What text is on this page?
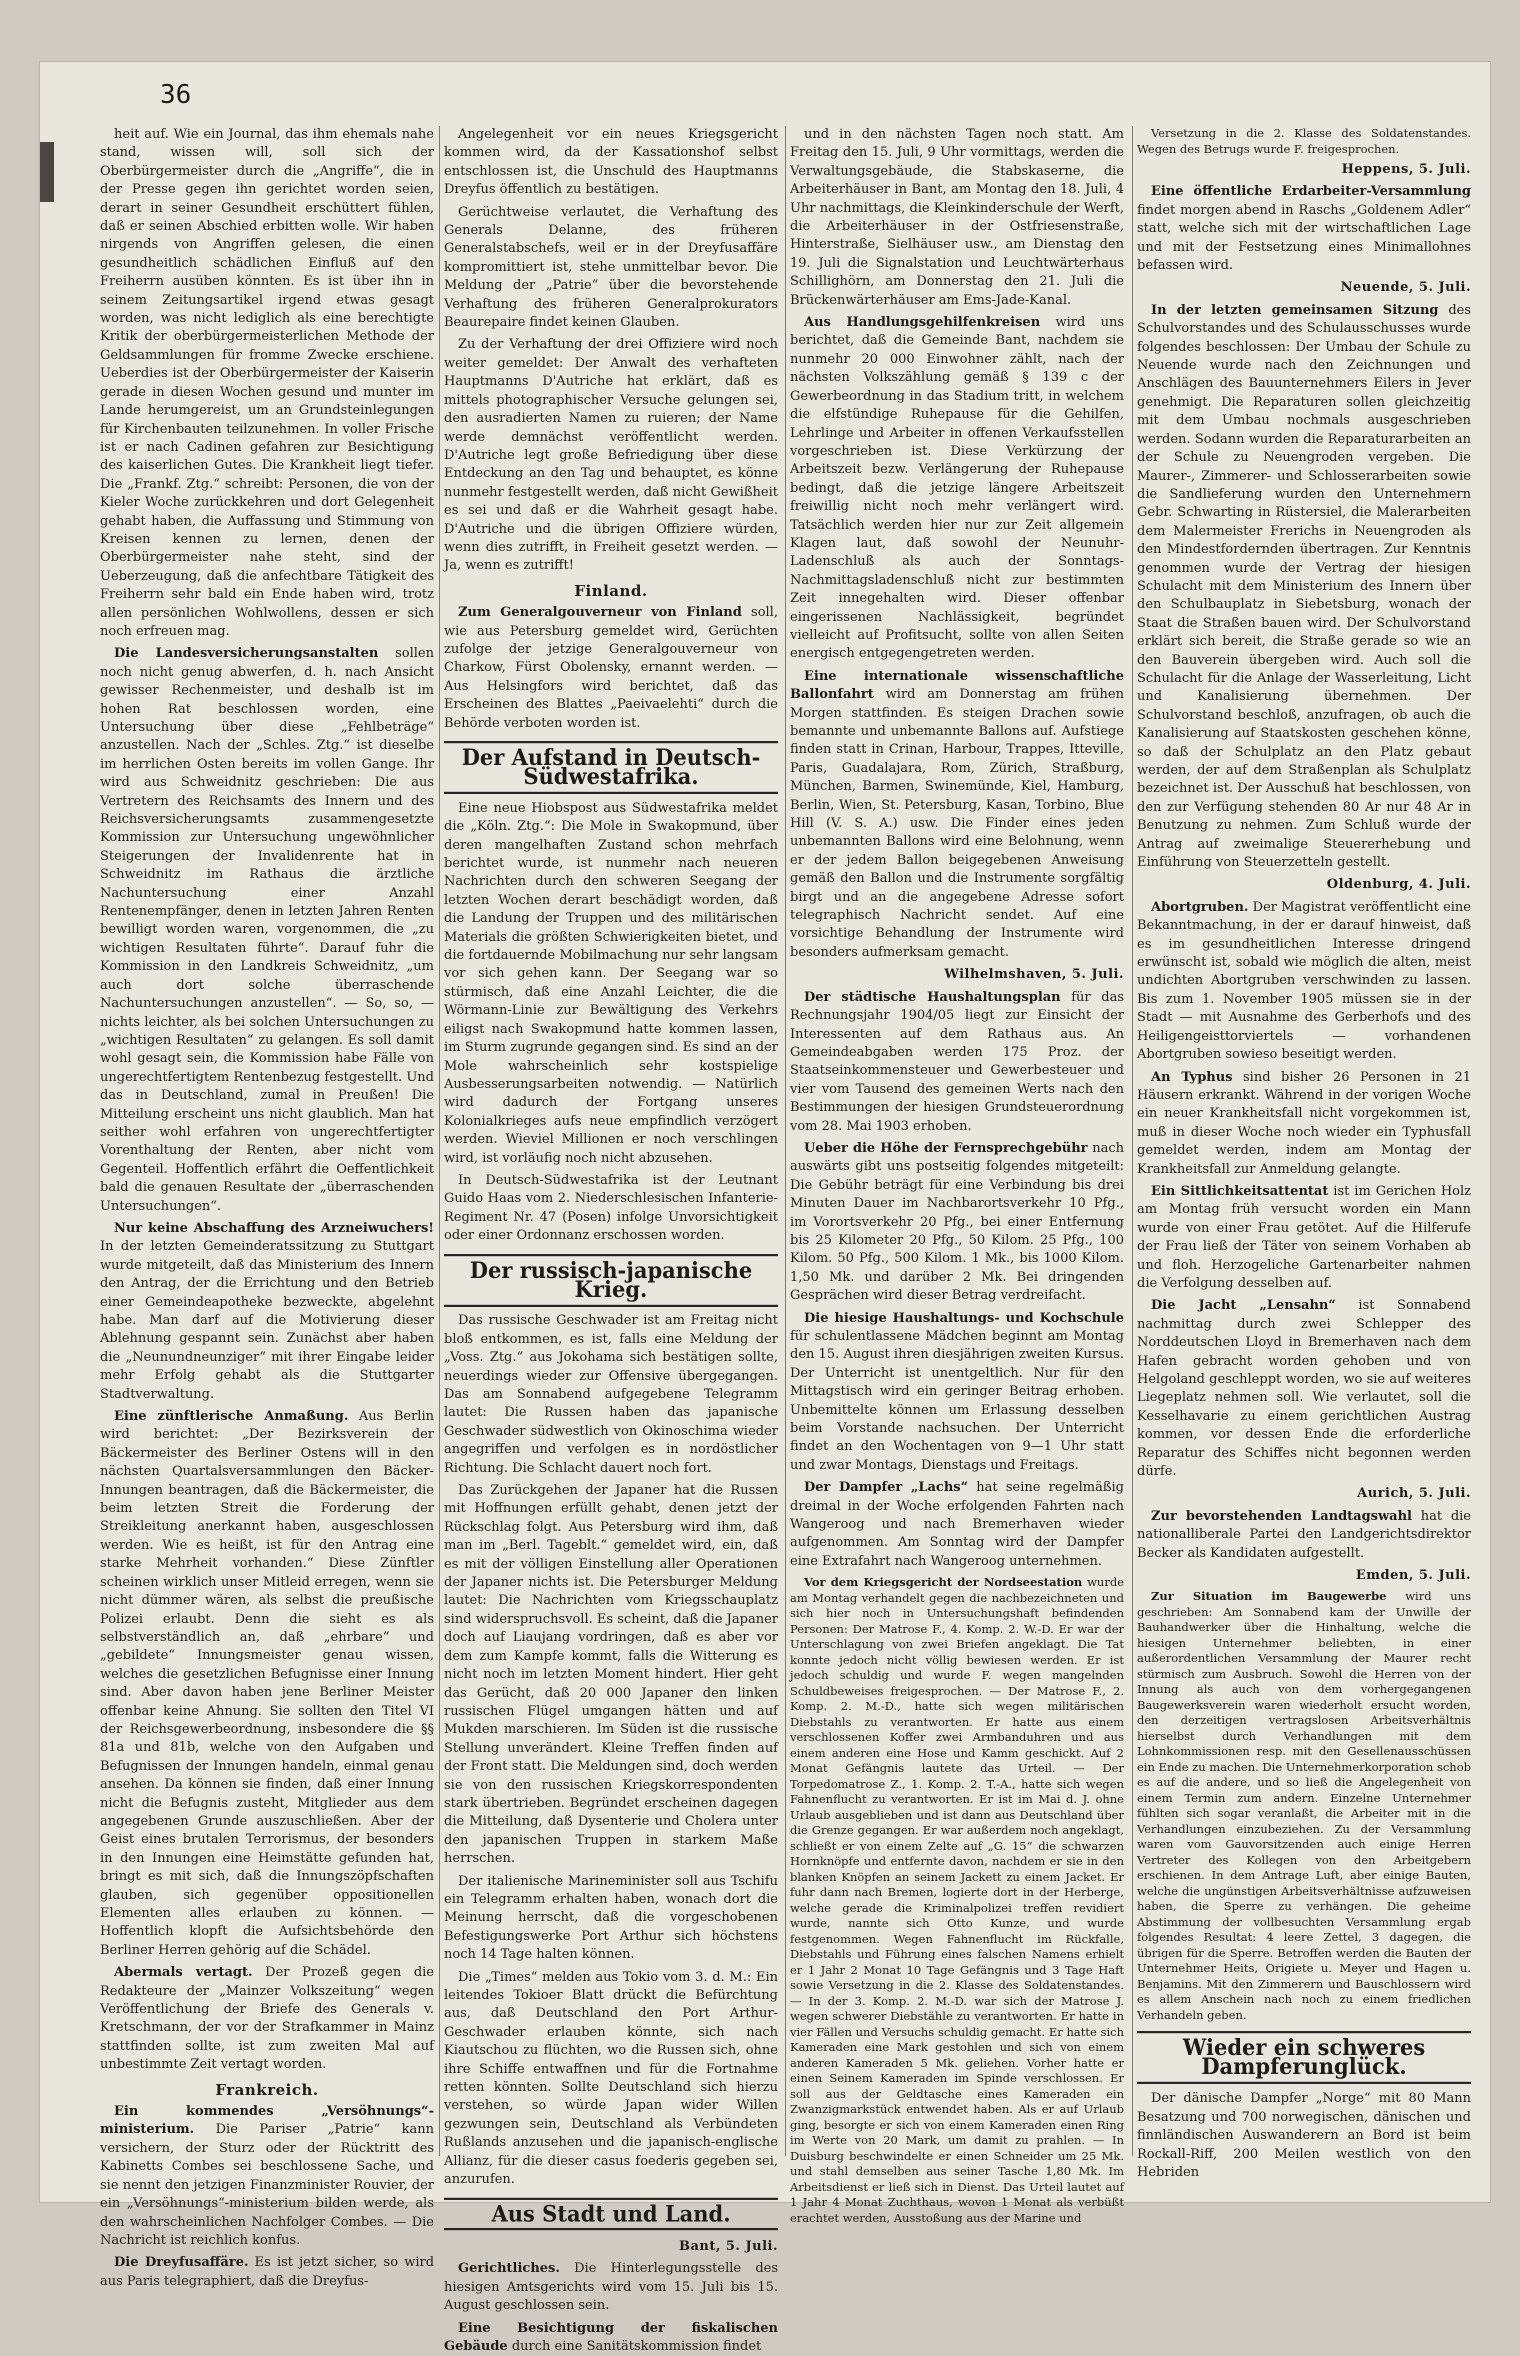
36

heit auf. Wie ein Journal, das ihm ehemals nahe stand, wissen will, soll sich der Oberbürgermeister durch die „Angriffe“, die in der Presse gegen ihn gerichtet worden seien, derart in seiner Gesundheit erschüttert fühlen, daß er seinen Abschied erbitten wolle. Wir haben nirgends von Angriffen gelesen, die einen gesundheitlich schädlichen Einfluß auf den Freiherrn ausüben könnten. Es ist über ihn in seinem Zeitungsartikel irgend etwas gesagt worden, was nicht lediglich als eine berechtigte Kritik der oberbürgermeisterlichen Methode der Geldsammlungen für fromme Zwecke erschiene. Ueberdies ist der Oberbürgermeister der Kaiserin gerade in diesen Wochen gesund und munter im Lande herumgereist, um an Grundsteinlegungen für Kirchenbauten teilzunehmen. In voller Frische ist er nach Cadinen gefahren zur Besichtigung des kaiserlichen Gutes. Die Krankheit liegt tiefer. Die „Frankf. Ztg.“ schreibt: Personen, die von der Kieler Woche zurückkehren und dort Gelegenheit gehabt haben, die Auffassung und Stimmung von Kreisen kennen zu lernen, denen der Oberbürgermeister nahe steht, sind der Ueberzeugung, daß die anfechtbare Tätigkeit des Freiherrn sehr bald ein Ende haben wird, trotz allen persönlichen Wohlwollens, dessen er sich noch erfreuen mag.

Die Landesversicherungsanstalten sollen noch nicht genug abwerfen, d. h. nach Ansicht gewisser Rechenmeister, und deshalb ist im hohen Rat beschlossen worden, eine Untersuchung über diese „Fehlbeträge“ anzustellen. Nach der „Schles. Ztg.“ ist dieselbe im herrlichen Osten bereits im vollen Gange. Ihr wird aus Schweidnitz geschrieben: Die aus Vertretern des Reichsamts des Innern und des Reichsversicherungsamts zusammengesetzte Kommission zur Untersuchung ungewöhnlicher Steigerungen der Invalidenrente hat in Schweidnitz im Rathaus die ärztliche Nachuntersuchung einer Anzahl Rentenempfänger, denen in letzten Jahren Renten bewilligt worden waren, vorgenommen, die „zu wichtigen Resultaten führte“. Darauf fuhr die Kommission in den Landkreis Schweidnitz, „um auch dort solche überraschende Nachuntersuchungen anzustellen“. — So, so, — nichts leichter, als bei solchen Untersuchungen zu „wichtigen Resultaten“ zu gelangen. Es soll damit wohl gesagt sein, die Kommission habe Fälle von ungerechtfertigtem Rentenbezug festgestellt. Und das in Deutschland, zumal in Preußen! Die Mitteilung erscheint uns nicht glaublich. Man hat seither wohl erfahren von ungerechtfertigter Vorenthaltung der Renten, aber nicht vom Gegenteil. Hoffentlich erfährt die Oeffentlichkeit bald die genauen Resultate der „überraschenden Untersuchungen“.

Nur keine Abschaffung des Arzneiwuchers! In der letzten Gemeinderatssitzung zu Stuttgart wurde mitgeteilt, daß das Ministerium des Innern den Antrag, der die Errichtung und den Betrieb einer Gemeindeapotheke bezweckte, abgelehnt habe. Man darf auf die Motivierung dieser Ablehnung gespannt sein. Zunächst aber haben die „Neunundneunziger“ mit ihrer Eingabe leider mehr Erfolg gehabt als die Stuttgarter Stadtverwaltung.

Eine zünftlerische Anmaßung. Aus Berlin wird berichtet: „Der Bezirksverein der Bäckermeister des Berliner Ostens will in den nächsten Quartalsversammlungen den Bäcker-Innungen beantragen, daß die Bäckermeister, die beim letzten Streit die Forderung der Streikleitung anerkannt haben, ausgeschlossen werden. Wie es heißt, ist für den Antrag eine starke Mehrheit vorhanden.“ Diese Zünftler scheinen wirklich unser Mitleid erregen, wenn sie nicht dümmer wären, als selbst die preußische Polizei erlaubt. Denn die sieht es als selbstverständlich an, daß „ehrbare“ und „gebildete“ Innungsmeister genau wissen, welches die gesetzlichen Befugnisse einer Innung sind. Aber davon haben jene Berliner Meister offenbar keine Ahnung. Sie sollten den Titel VI der Reichsgewerbeordnung, insbesondere die §§ 81a und 81b, welche von den Aufgaben und Befugnissen der Innungen handeln, einmal genau ansehen. Da können sie finden, daß einer Innung nicht die Befugnis zusteht, Mitglieder aus dem angegebenen Grunde auszuschließen. Aber der Geist eines brutalen Terrorismus, der besonders in den Innungen eine Heimstätte gefunden hat, bringt es mit sich, daß die Innungszöpfschaften glauben, sich gegenüber oppositionellen Elementen alles erlauben zu können. — Hoffentlich klopft die Aufsichtsbehörde den Berliner Herren gehörig auf die Schädel.

Abermals vertagt. Der Prozeß gegen die Redakteure der „Mainzer Volkszeitung“ wegen Veröffentlichung der Briefe des Generals v. Kretschmann, der vor der Strafkammer in Mainz stattfinden sollte, ist zum zweiten Mal auf unbestimmte Zeit vertagt worden.

Frankreich.

Ein kommendes „Versöhnungs“-ministerium. Die Pariser „Patrie“ kann versichern, der Sturz oder der Rücktritt des Kabinetts Combes sei beschlossene Sache, und sie nennt den jetzigen Finanzminister Rouvier, der ein „Versöhnungs“-ministerium bilden werde, als den wahrscheinlichen Nachfolger Combes. — Die Nachricht ist reichlich konfus.

Die Dreyfusaffäre. Es ist jetzt sicher, so wird aus Paris telegraphiert, daß die Dreyfus-

Angelegenheit vor ein neues Kriegsgericht kommen wird, da der Kassationshof selbst entschlossen ist, die Unschuld des Hauptmanns Dreyfus öffentlich zu bestätigen.

Gerüchtweise verlautet, die Verhaftung des Generals Delanne, des früheren Generalstabschefs, weil er in der Dreyfusaffäre kompromittiert ist, stehe unmittelbar bevor. Die Meldung der „Patrie“ über die bevorstehende Verhaftung des früheren Generalprokurators Beaurepaire findet keinen Glauben.

Zu der Verhaftung der drei Offiziere wird noch weiter gemeldet: Der Anwalt des verhafteten Hauptmanns D'Autriche hat erklärt, daß es mittels photographischer Versuche gelungen sei, den ausradierten Namen zu ruieren; der Name werde demnächst veröffentlicht werden. D'Autriche legt große Befriedigung über diese Entdeckung an den Tag und behauptet, es könne nunmehr festgestellt werden, daß nicht Gewißheit es sei und daß er die Wahrheit gesagt habe. D'Autriche und die übrigen Offiziere würden, wenn dies zutrifft, in Freiheit gesetzt werden. — Ja, wenn es zutrifft!

Finland.

Zum Generalgouverneur von Finland soll, wie aus Petersburg gemeldet wird, Gerüchten zufolge der jetzige Generalgouverneur von Charkow, Fürst Obolensky, ernannt werden. — Aus Helsingfors wird berichtet, daß das Erscheinen des Blattes „Paeivaelehti“ durch die Behörde verboten worden ist.

Der Aufstand in Deutsch-Südwestafrika.

Eine neue Hiobspost aus Südwestafrika meldet die „Köln. Ztg.“: Die Mole in Swakopmund, über deren mangelhaften Zustand schon mehrfach berichtet wurde, ist nunmehr nach neueren Nachrichten durch den schweren Seegang der letzten Wochen derart beschädigt worden, daß die Landung der Truppen und des militärischen Materials die größten Schwierigkeiten bietet, und die fortdauernde Mobilmachung nur sehr langsam vor sich gehen kann. Der Seegang war so stürmisch, daß eine Anzahl Leichter, die die Wörmann-Linie zur Bewältigung des Verkehrs eiligst nach Swakopmund hatte kommen lassen, im Sturm zugrunde gegangen sind. Es sind an der Mole wahrscheinlich sehr kostspielige Ausbesserungsarbeiten notwendig. — Natürlich wird dadurch der Fortgang unseres Kolonialkrieges aufs neue empfindlich verzögert werden. Wieviel Millionen er noch verschlingen wird, ist vorläufig noch nicht abzusehen.

In Deutsch-Südwestafrika ist der Leutnant Guido Haas vom 2. Niederschlesischen Infanterie-Regiment Nr. 47 (Posen) infolge Unvorsichtigkeit oder einer Ordonnanz erschossen worden.

Der russisch-japanische Krieg.

Das russische Geschwader ist am Freitag nicht bloß entkommen, es ist, falls eine Meldung der „Voss. Ztg.“ aus Jokohama sich bestätigen sollte, neuerdings wieder zur Offensive übergegangen. Das am Sonnabend aufgegebene Telegramm lautet: Die Russen haben das japanische Geschwader südwestlich von Okinoschima wieder angegriffen und verfolgen es in nordöstlicher Richtung. Die Schlacht dauert noch fort.

Das Zurückgehen der Japaner hat die Russen mit Hoffnungen erfüllt gehabt, denen jetzt der Rückschlag folgt. Aus Petersburg wird ihm, daß man im „Berl. Tageblt.“ gemeldet wird, ein, daß es mit der völligen Einstellung aller Operationen der Japaner nichts ist. Die Petersburger Meldung lautet: Die Nachrichten vom Kriegsschauplatz sind widerspruchsvoll. Es scheint, daß die Japaner doch auf Liaujang vordringen, daß es aber vor dem zum Kampfe kommt, falls die Witterung es nicht noch im letzten Moment hindert. Hier geht das Gerücht, daß 20 000 Japaner den linken russischen Flügel umgangen hätten und auf Mukden marschieren. Im Süden ist die russische Stellung unverändert. Kleine Treffen finden auf der Front statt. Die Meldungen sind, doch werden sie von den russischen Kriegskorrespondenten stark übertrieben. Begründet erscheinen dagegen die Mitteilung, daß Dysenterie und Cholera unter den japanischen Truppen in starkem Maße herrschen.

Der italienische Marineminister soll aus Tschifu ein Telegramm erhalten haben, wonach dort die Meinung herrscht, daß die vorgeschobenen Befestigungswerke Port Arthur sich höchstens noch 14 Tage halten können.

Die „Times“ melden aus Tokio vom 3. d. M.: Ein leitendes Tokioer Blatt drückt die Befürchtung aus, daß Deutschland den Port Arthur-Geschwader erlauben könnte, sich nach Kiautschou zu flüchten, wo die Russen sich, ohne ihre Schiffe entwaffnen und für die Fortnahme retten könnten. Sollte Deutschland sich hierzu verstehen, so würde Japan wider Willen gezwungen sein, Deutschland als Verbündeten Rußlands anzusehen und die japanisch-englische Allianz, für die dieser casus foederis gegeben sei, anzurufen.

Aus Stadt und Land.
Bant, 5. Juli.

Gerichtliches. Die Hinterlegungsstelle des hiesigen Amtsgerichts wird vom 15. Juli bis 15. August geschlossen sein.

Eine Besichtigung der fiskalischen Gebäude durch eine Sanitätskommission findet

und in den nächsten Tagen noch statt. Am Freitag den 15. Juli, 9 Uhr vormittags, werden die Verwaltungsgebäude, die Stabskaserne, die Arbeiterhäuser in Bant, am Montag den 18. Juli, 4 Uhr nachmittags, die Kleinkinderschule der Werft, die Arbeiterhäuser in der Ostfriesenstraße, Hinterstraße, Sielhäuser usw., am Dienstag den 19. Juli die Signalstation und Leuchtwärterhaus Schillighörn, am Donnerstag den 21. Juli die Brückenwärterhäuser am Ems-Jade-Kanal.

Aus Handlungsgehilfenkreisen wird uns berichtet, daß die Gemeinde Bant, nachdem sie nunmehr 20 000 Einwohner zählt, nach der nächsten Volkszählung gemäß § 139 c der Gewerbeordnung in das Stadium tritt, in welchem die elfstündige Ruhepause für die Gehilfen, Lehrlinge und Arbeiter in offenen Verkaufsstellen vorgeschrieben ist. Diese Verkürzung der Arbeitszeit bezw. Verlängerung der Ruhepause bedingt, daß die jetzige längere Arbeitszeit freiwillig nicht noch mehr verlängert wird. Tatsächlich werden hier nur zur Zeit allgemein Klagen laut, daß sowohl der Neunuhr-Ladenschluß als auch der Sonntags-Nachmittagsladenschluß nicht zur bestimmten Zeit innegehalten wird. Dieser offenbar eingerissenen Nachlässigkeit, begründet vielleicht auf Profitsucht, sollte von allen Seiten energisch entgegengetreten werden.

Eine internationale wissenschaftliche Ballonfahrt wird am Donnerstag am frühen Morgen stattfinden. Es steigen Drachen sowie bemannte und unbemannte Ballons auf. Aufstiege finden statt in Crinan, Harbour, Trappes, Itteville, Paris, Guadalajara, Rom, Zürich, Straßburg, München, Barmen, Swinemünde, Kiel, Hamburg, Berlin, Wien, St. Petersburg, Kasan, Torbino, Blue Hill (V. S. A.) usw. Die Finder eines jeden unbemannten Ballons wird eine Belohnung, wenn er der jedem Ballon beigegebenen Anweisung gemäß den Ballon und die Instrumente sorgfältig birgt und an die angegebene Adresse sofort telegraphisch Nachricht sendet. Auf eine vorsichtige Behandlung der Instrumente wird besonders aufmerksam gemacht.

Wilhelmshaven, 5. Juli.

Der städtische Haushaltungsplan für das Rechnungsjahr 1904/05 liegt zur Einsicht der Interessenten auf dem Rathaus aus. An Gemeindeabgaben werden 175 Proz. der Staatseinkommensteuer und Gewerbesteuer und vier vom Tausend des gemeinen Werts nach den Bestimmungen der hiesigen Grundsteuerordnung vom 28. Mai 1903 erhoben.

Ueber die Höhe der Fernsprechgebühr nach auswärts gibt uns postseitig folgendes mitgeteilt: Die Gebühr beträgt für eine Verbindung bis drei Minuten Dauer im Nachbarortsverkehr 10 Pfg., im Vorortsverkehr 20 Pfg., bei einer Entfernung bis 25 Kilometer 20 Pfg., 50 Kilom. 25 Pfg., 100 Kilom. 50 Pfg., 500 Kilom. 1 Mk., bis 1000 Kilom. 1,50 Mk. und darüber 2 Mk. Bei dringenden Gesprächen wird dieser Betrag verdreifacht.

Die hiesige Haushaltungs- und Kochschule für schulentlassene Mädchen beginnt am Montag den 15. August ihren diesjährigen zweiten Kursus. Der Unterricht ist unentgeltlich. Nur für den Mittagstisch wird ein geringer Beitrag erhoben. Unbemittelte können um Erlassung desselben beim Vorstande nachsuchen. Der Unterricht findet an den Wochentagen von 9—1 Uhr statt und zwar Montags, Dienstags und Freitags.

Der Dampfer „Lachs“ hat seine regelmäßig dreimal in der Woche erfolgenden Fahrten nach Wangeroog und nach Bremerhaven wieder aufgenommen. Am Sonntag wird der Dampfer eine Extrafahrt nach Wangeroog unternehmen.

Vor dem Kriegsgericht der Nordseestation wurde am Montag verhandelt gegen die nachbezeichneten und sich hier noch in Untersuchungshaft befindenden Personen: Der Matrose F., 4. Komp. 2. W.-D. Er war der Unterschlagung von zwei Briefen angeklagt. Die Tat konnte jedoch nicht völlig bewiesen werden. Er ist jedoch schuldig und wurde F. wegen mangelnden Schuldbeweises freigesprochen. — Der Matrose F., 2. Komp. 2. M.-D., hatte sich wegen militärischen Diebstahls zu verantworten. Er hatte aus einem verschlossenen Koffer zwei Armbanduhren und aus einem anderen eine Hose und Kamm geschickt. Auf 2 Monat Gefängnis lautete das Urteil. — Der Torpedomatrose Z., 1. Komp. 2. T.-A., hatte sich wegen Fahnenflucht zu verantworten. Er ist im Mai d. J. ohne Urlaub ausgeblieben und ist dann aus Deutschland über die Grenze gegangen. Er war außerdem noch angeklagt, schließt er von einem Zelte auf „G. 15“ die schwarzen Hornknöpfe und entfernte davon, nachdem er sie in den blanken Knöpfen an seinem Jackett zu einem Jacket. Er fuhr dann nach Bremen, logierte dort in der Herberge, welche gerade die Kriminalpolizei treffen revidiert wurde, nannte sich Otto Kunze, und wurde festgenommen. Wegen Fahnenflucht im Rückfalle, Diebstahls und Führung eines falschen Namens erhielt er 1 Jahr 2 Monat 10 Tage Gefängnis und 3 Tage Haft sowie Versetzung in die 2. Klasse des Soldatenstandes. — In der 3. Komp. 2. M.-D. war sich der Matrose J. wegen schwerer Diebstähle zu verantworten. Er hatte in vier Fällen und Versuchs schuldig gemacht. Er hatte sich Kameraden eine Mark gestohlen und sich von einem anderen Kameraden 5 Mk. geliehen. Vorher hatte er einen Seinem Kameraden im Spinde verschlossen. Er soll aus der Geldtasche eines Kameraden ein Zwanzigmarkstück entwendet haben. Als er auf Urlaub ging, besorgte er sich von einem Kameraden einen Ring im Werte von 20 Mark, um damit zu prahlen. — In Duisburg beschwindelte er einen Schneider um 25 Mk. und stahl demselben aus seiner Tasche 1,80 Mk. Im Arbeitsdienst er ließ sich in Dienst. Das Urteil lautet auf 1 Jahr 4 Monat Zuchthaus, wovon 1 Monat als verbüßt erachtet werden, Ausstoßung aus der Marine und

Versetzung in die 2. Klasse des Soldatenstandes. Wegen des Betrugs wurde F. freigesprochen.

Heppens, 5. Juli.

Eine öffentliche Erdarbeiter-Versammlung findet morgen abend in Raschs „Goldenem Adler“ statt, welche sich mit der wirtschaftlichen Lage und mit der Festsetzung eines Minimallohnes befassen wird.

Neuende, 5. Juli.

In der letzten gemeinsamen Sitzung des Schulvorstandes und des Schulausschusses wurde folgendes beschlossen: Der Umbau der Schule zu Neuende wurde nach den Zeichnungen und Anschlägen des Bauunternehmers Eilers in Jever genehmigt. Die Reparaturen sollen gleichzeitig mit dem Umbau nochmals ausgeschrieben werden. Sodann wurden die Reparaturarbeiten an der Schule zu Neuengroden vergeben. Die Maurer-, Zimmerer- und Schlosserarbeiten sowie die Sandlieferung wurden den Unternehmern Gebr. Schwarting in Rüstersiel, die Malerarbeiten dem Malermeister Frerichs in Neuengroden als den Mindestfordernden übertragen. Zur Kenntnis genommen wurde der Vertrag der hiesigen Schulacht mit dem Ministerium des Innern über den Schulbauplatz in Siebetsburg, wonach der Staat die Straßen bauen wird. Der Schulvorstand erklärt sich bereit, die Straße gerade so wie an den Bauverein übergeben wird. Auch soll die Schulacht für die Anlage der Wasserleitung, Licht und Kanalisierung übernehmen. Der Schulvorstand beschloß, anzufragen, ob auch die Kanalisierung auf Staatskosten geschehen könne, so daß der Schulplatz an den Platz gebaut werden, der auf dem Straßenplan als Schulplatz bezeichnet ist. Der Ausschuß hat beschlossen, von den zur Verfügung stehenden 80 Ar nur 48 Ar in Benutzung zu nehmen. Zum Schluß wurde der Antrag auf zweimalige Steuererhebung und Einführung von Steuerzetteln gestellt.

Oldenburg, 4. Juli.

Abortgruben. Der Magistrat veröffentlicht eine Bekanntmachung, in der er darauf hinweist, daß es im gesundheitlichen Interesse dringend erwünscht ist, sobald wie möglich die alten, meist undichten Abortgruben verschwinden zu lassen. Bis zum 1. November 1905 müssen sie in der Stadt — mit Ausnahme des Gerberhofs und des Heiligengeisttorviertels — vorhandenen Abortgruben sowieso beseitigt werden.

An Typhus sind bisher 26 Personen in 21 Häusern erkrankt. Während in der vorigen Woche ein neuer Krankheitsfall nicht vorgekommen ist, muß in dieser Woche noch wieder ein Typhusfall gemeldet werden, indem am Montag der Krankheitsfall zur Anmeldung gelangte.

Ein Sittlichkeitsattentat ist im Gerichen Holz am Montag früh versucht worden ein Mann wurde von einer Frau getötet. Auf die Hilferufe der Frau ließ der Täter von seinem Vorhaben ab und floh. Herzogeliche Gartenarbeiter nahmen die Verfolgung desselben auf.

Die Jacht „Lensahn“ ist Sonnabend nachmittag durch zwei Schlepper des Norddeutschen Lloyd in Bremerhaven nach dem Hafen gebracht worden gehoben und von Helgoland geschleppt worden, wo sie auf weiteres Liegeplatz nehmen soll. Wie verlautet, soll die Kesselhavarie zu einem gerichtlichen Austrag kommen, vor dessen Ende die erforderliche Reparatur des Schiffes nicht begonnen werden dürfe.

Aurich, 5. Juli.

Zur bevorstehenden Landtagswahl hat die nationalliberale Partei den Landgerichtsdirektor Becker als Kandidaten aufgestellt.

Emden, 5. Juli.

Zur Situation im Baugewerbe wird uns geschrieben: Am Sonnabend kam der Unwille der Bauhandwerker über die Hinhaltung, welche die hiesigen Unternehmer beliebten, in einer außerordentlichen Versammlung der Maurer recht stürmisch zum Ausbruch. Sowohl die Herren von der Innung als auch von dem vorhergegangenen Baugewerksverein waren wiederholt ersucht worden, den derzeitigen vertragslosen Arbeitsverhältnis hierselbst durch Verhandlungen mit dem Lohnkommissionen resp. mit den Gesellenausschüssen ein Ende zu machen. Die Unternehmerkorporation schob es auf die andere, und so ließ die Angelegenheit von einem Termin zum andern. Einzelne Unternehmer fühlten sich sogar veranlaßt, die Arbeiter mit in die Verhandlungen einzubeziehen. Zu der Versammlung waren vom Gauvorsitzenden auch einige Herren Vertreter des Kollegen von den Arbeitgebern erschienen. In dem Antrage Luft, aber einige Bauten, welche die ungünstigen Arbeitsverhältnisse aufzuweisen haben, die Sperre zu verhängen. Die geheime Abstimmung der vollbesuchten Versammlung ergab folgendes Resultat: 4 leere Zettel, 3 dagegen, die übrigen für die Sperre. Betroffen werden die Bauten der Unternehmer Heits, Origiete u. Meyer und Hagen u. Benjamins. Mit den Zimmerern und Bauschlossern wird es allem Anschein nach noch zu einem friedlichen Verhandeln geben.

Wieder ein schweres Dampferunglück.

Der dänische Dampfer „Norge“ mit 80 Mann Besatzung und 700 norwegischen, dänischen und finnländischen Auswanderern an Bord ist beim Rockall-Riff, 200 Meilen westlich von den Hebriden
